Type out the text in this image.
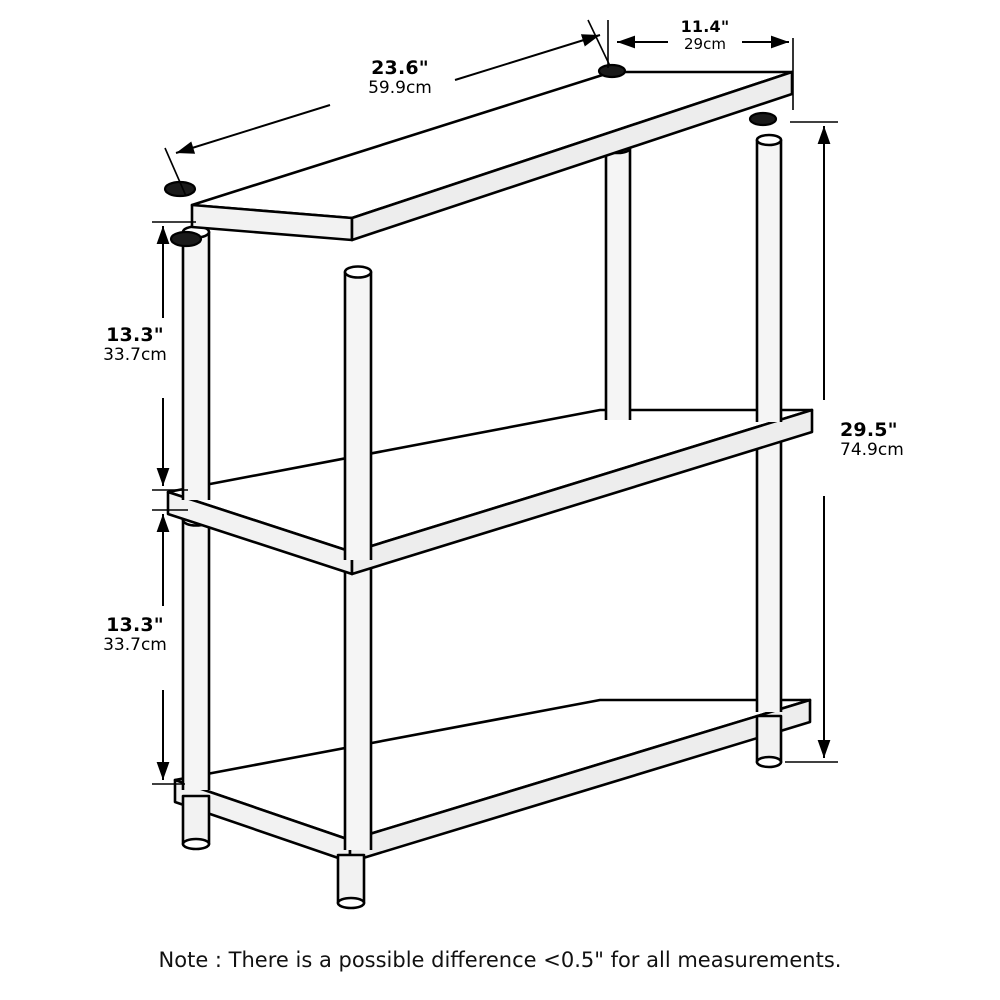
23.6"
59.9cm
11.4"
29cm
13.3"
33.7cm
13.3"
33.7cm
29.5"
74.9cm
Note : There is a possible difference <0.5" for all measurements.
